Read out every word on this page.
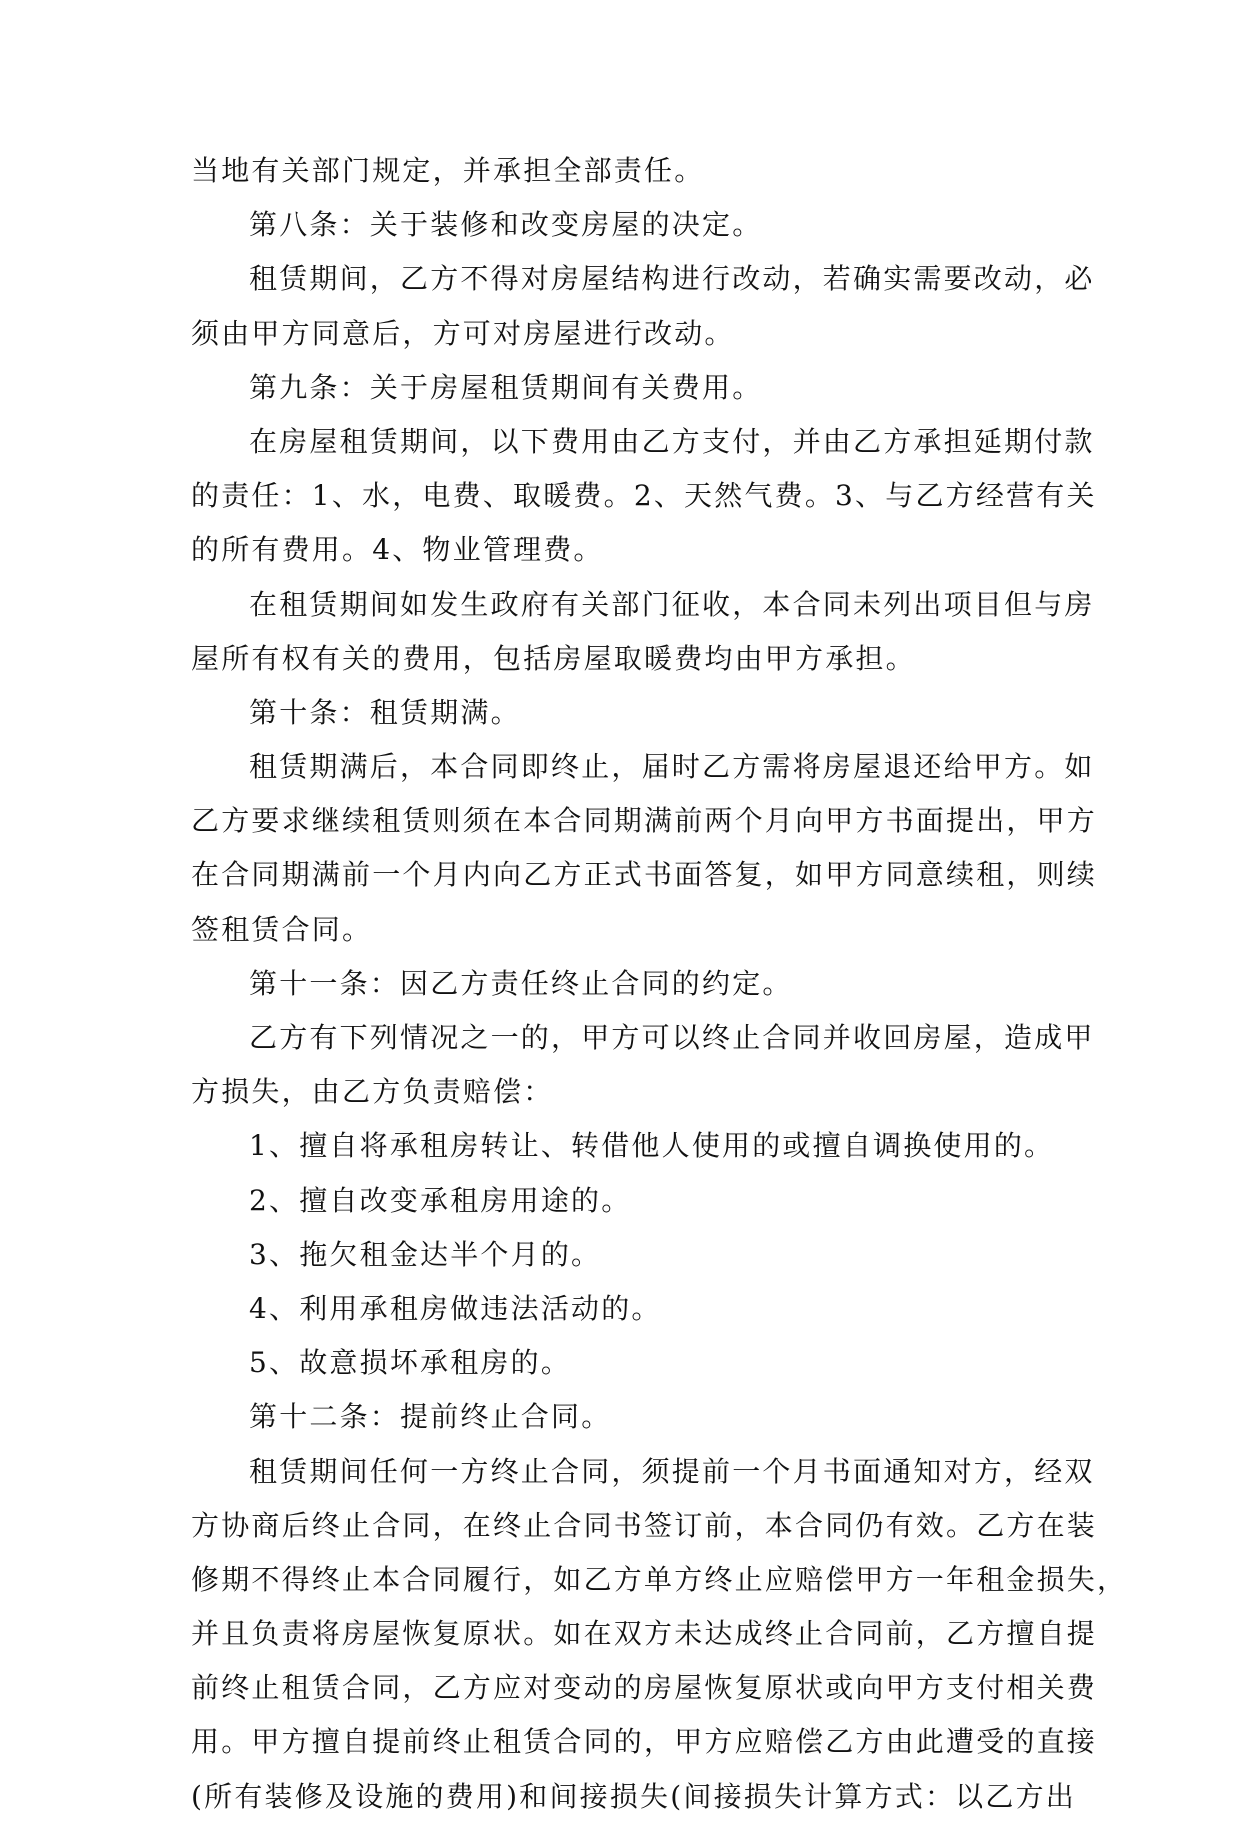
当地有关部门规定，并承担全部责任。
第八条：关于装修和改变房屋的决定。
租赁期间，乙方不得对房屋结构进行改动，若确实需要改动，必
须由甲方同意后，方可对房屋进行改动。
第九条：关于房屋租赁期间有关费用。
在房屋租赁期间，以下费用由乙方支付，并由乙方承担延期付款
的责任：1、水，电费、取暖费。2、天然气费。3、与乙方经营有关
的所有费用。4、物业管理费。
在租赁期间如发生政府有关部门征收，本合同未列出项目但与房
屋所有权有关的费用，包括房屋取暖费均由甲方承担。
第十条：租赁期满。
租赁期满后，本合同即终止，届时乙方需将房屋退还给甲方。如
乙方要求继续租赁则须在本合同期满前两个月向甲方书面提出，甲方
在合同期满前一个月内向乙方正式书面答复，如甲方同意续租，则续
签租赁合同。
第十一条：因乙方责任终止合同的约定。
乙方有下列情况之一的，甲方可以终止合同并收回房屋，造成甲
方损失，由乙方负责赔偿：
1、擅自将承租房转让、转借他人使用的或擅自调换使用的。
2、擅自改变承租房用途的。
3、拖欠租金达半个月的。
4、利用承租房做违法活动的。
5、故意损坏承租房的。
第十二条：提前终止合同。
租赁期间任何一方终止合同，须提前一个月书面通知对方，经双
方协商后终止合同，在终止合同书签订前，本合同仍有效。乙方在装
修期不得终止本合同履行，如乙方单方终止应赔偿甲方一年租金损失，
并且负责将房屋恢复原状。如在双方未达成终止合同前，乙方擅自提
前终止租赁合同，乙方应对变动的房屋恢复原状或向甲方支付相关费
用。甲方擅自提前终止租赁合同的，甲方应赔偿乙方由此遭受的直接
(所有装修及设施的费用)和间接损失(间接损失计算方式：以乙方出
